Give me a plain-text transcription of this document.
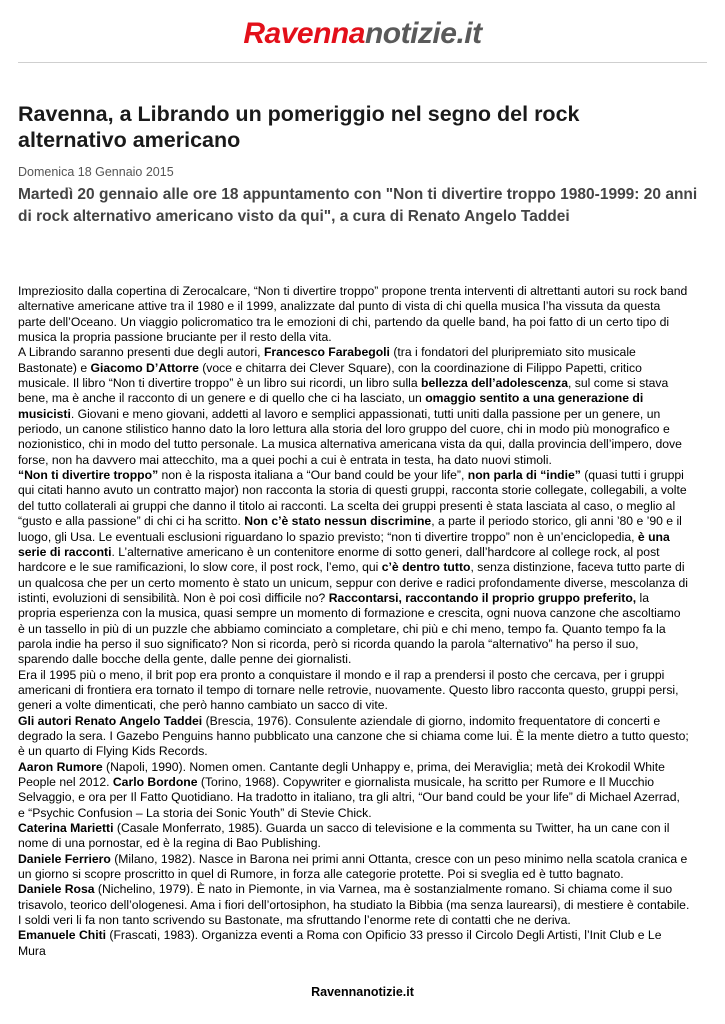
Ravennanotizie.it
Ravenna, a Librando un pomeriggio nel segno del rock alternativo americano
Domenica 18 Gennaio 2015
Martedì 20 gennaio alle ore 18 appuntamento con "Non ti divertire troppo 1980-1999: 20 anni di rock alternativo americano visto da qui", a cura di Renato Angelo Taddei

Impreziosito dalla copertina di Zerocalcare, “Non ti divertire troppo” propone trenta interventi di altrettanti autori su rock band alternative americane attive tra il 1980 e il 1999, analizzate dal punto di vista di chi quella musica l’ha vissuta da questa parte dell’Oceano. Un viaggio policromatico tra le emozioni di chi, partendo da quelle band, ha poi fatto di un certo tipo di musica la propria passione bruciante per il resto della vita.

A Librando saranno presenti due degli autori, Francesco Farabegoli (tra i fondatori del pluripremiato sito musicale Bastonate) e Giacomo D’Attorre (voce e chitarra dei Clever Square), con la coordinazione di Filippo Papetti, critico musicale. Il libro “Non ti divertire troppo” è un libro sui ricordi, un libro sulla bellezza dell’adolescenza, sul come si stava bene, ma è anche il racconto di un genere e di quello che ci ha lasciato, un omaggio sentito a una generazione di musicisti. Giovani e meno giovani, addetti al lavoro e semplici appassionati, tutti uniti dalla passione per un genere, un periodo, un canone stilistico hanno dato la loro lettura alla storia del loro gruppo del cuore, chi in modo più monografico e nozionistico, chi in modo del tutto personale. La musica alternativa americana vista da qui, dalla provincia dell’impero, dove forse, non ha davvero mai attecchito, ma a quei pochi a cui è entrata in testa, ha dato nuovi stimoli.

“Non ti divertire troppo” non è la risposta italiana a “Our band could be your life”, non parla di “indie” (quasi tutti i gruppi qui citati hanno avuto un contratto major) non racconta la storia di questi gruppi, racconta storie collegate, collegabili, a volte del tutto collaterali ai gruppi che danno il titolo ai racconti. La scelta dei gruppi presenti è stata lasciata al caso, o meglio al “gusto e alla passione” di chi ci ha scritto. Non c’è stato nessun discrimine, a parte il periodo storico, gli anni ’80 e ’90 e il luogo, gli Usa. Le eventuali esclusioni riguardano lo spazio previsto; “non ti divertire troppo” non è un’enciclopedia, è una serie di racconti. L’alternative americano è un contenitore enorme di sotto generi, dall’hardcore al college rock, al post hardcore e le sue ramificazioni, lo slow core, il post rock, l’emo, qui c’è dentro tutto, senza distinzione, faceva tutto parte di un qualcosa che per un certo momento è stato un unicum, seppur con derive e radici profondamente diverse, mescolanza di istinti, evoluzioni di sensibilità. Non è poi così difficile no? Raccontarsi, raccontando il proprio gruppo preferito, la propria esperienza con la musica, quasi sempre un momento di formazione e crescita, ogni nuova canzone che ascoltiamo è un tassello in più di un puzzle che abbiamo cominciato a completare, chi più e chi meno, tempo fa. Quanto tempo fa la parola indie ha perso il suo significato? Non si ricorda, però si ricorda quando la parola “alternativo” ha perso il suo, sparendo dalle bocche della gente, dalle penne dei giornalisti.

Era il 1995 più o meno, il brit pop era pronto a conquistare il mondo e il rap a prendersi il posto che cercava, per i gruppi americani di frontiera era tornato il tempo di tornare nelle retrovie, nuovamente. Questo libro racconta questo, gruppi persi, generi a volte dimenticati, che però hanno cambiato un sacco di vite.

Gli autori Renato Angelo Taddei (Brescia, 1976). Consulente aziendale di giorno, indomito frequentatore di concerti e degrado la sera. I Gazebo Penguins hanno pubblicato una canzone che si chiama come lui. È la mente dietro a tutto questo; è un quarto di Flying Kids Records.

Aaron Rumore (Napoli, 1990). Nomen omen. Cantante degli Unhappy e, prima, dei Meraviglia; metà dei Krokodil White People nel 2012. Carlo Bordone (Torino, 1968). Copywriter e giornalista musicale, ha scritto per Rumore e Il Mucchio Selvaggio, e ora per Il Fatto Quotidiano. Ha tradotto in italiano, tra gli altri, “Our band could be your life” di Michael Azerrad, e “Psychic Confusion – La storia dei Sonic Youth” di Stevie Chick.

Caterina Marietti (Casale Monferrato, 1985). Guarda un sacco di televisione e la commenta su Twitter, ha un cane con il nome di una pornostar, ed è la regina di Bao Publishing.

Daniele Ferriero (Milano, 1982). Nasce in Barona nei primi anni Ottanta, cresce con un peso minimo nella scatola cranica e un giorno si scopre proscritto in quel di Rumore, in forza alle categorie protette. Poi si sveglia ed è tutto bagnato.

Daniele Rosa (Nichelino, 1979). È nato in Piemonte, in via Varnea, ma è sostanzialmente romano. Si chiama come il suo trisavolo, teorico dell’ologenesi. Ama i fiori dell’ortosiphon, ha studiato la Bibbia (ma senza laurearsi), di mestiere è contabile. I soldi veri li fa non tanto scrivendo su Bastonate, ma sfruttando l’enorme rete di contatti che ne deriva.

Emanuele Chiti (Frascati, 1983). Organizza eventi a Roma con Opificio 33 presso il Circolo Degli Artisti, l’Init Club e Le Mura

Ravennanotizie.it
